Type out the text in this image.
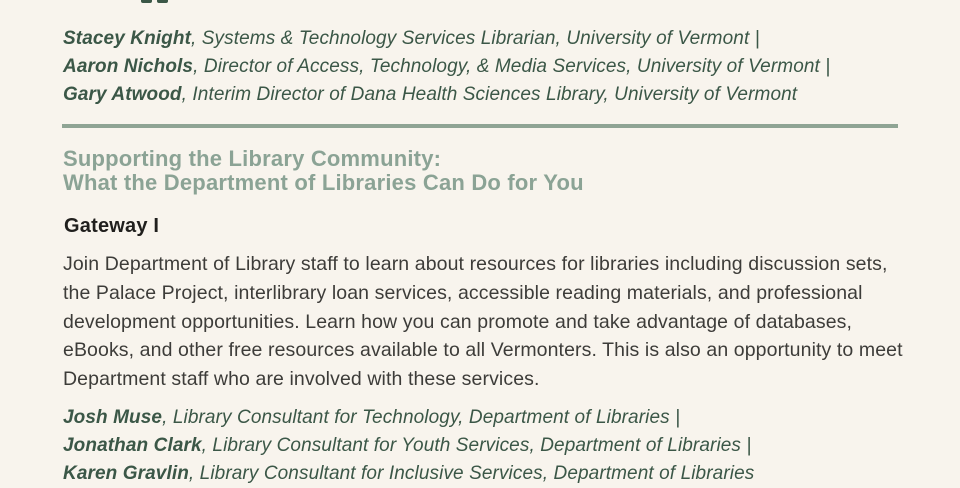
Stacey Knight, Systems & Technology Services Librarian, University of Vermont |
Aaron Nichols, Director of Access, Technology, & Media Services, University of Vermont |
Gary Atwood, Interim Director of Dana Health Sciences Library, University of Vermont
Supporting the Library Community:
What the Department of Libraries Can Do for You
Gateway I

Join Department of Library staff to learn about resources for libraries including discussion sets, the Palace Project, interlibrary loan services, accessible reading materials, and professional development opportunities. Learn how you can promote and take advantage of databases, eBooks, and other free resources available to all Vermonters. This is also an opportunity to meet Department staff who are involved with these services.

Josh Muse, Library Consultant for Technology, Department of Libraries |
Jonathan Clark, Library Consultant for Youth Services, Department of Libraries |
Karen Gravlin, Library Consultant for Inclusive Services, Department of Libraries
